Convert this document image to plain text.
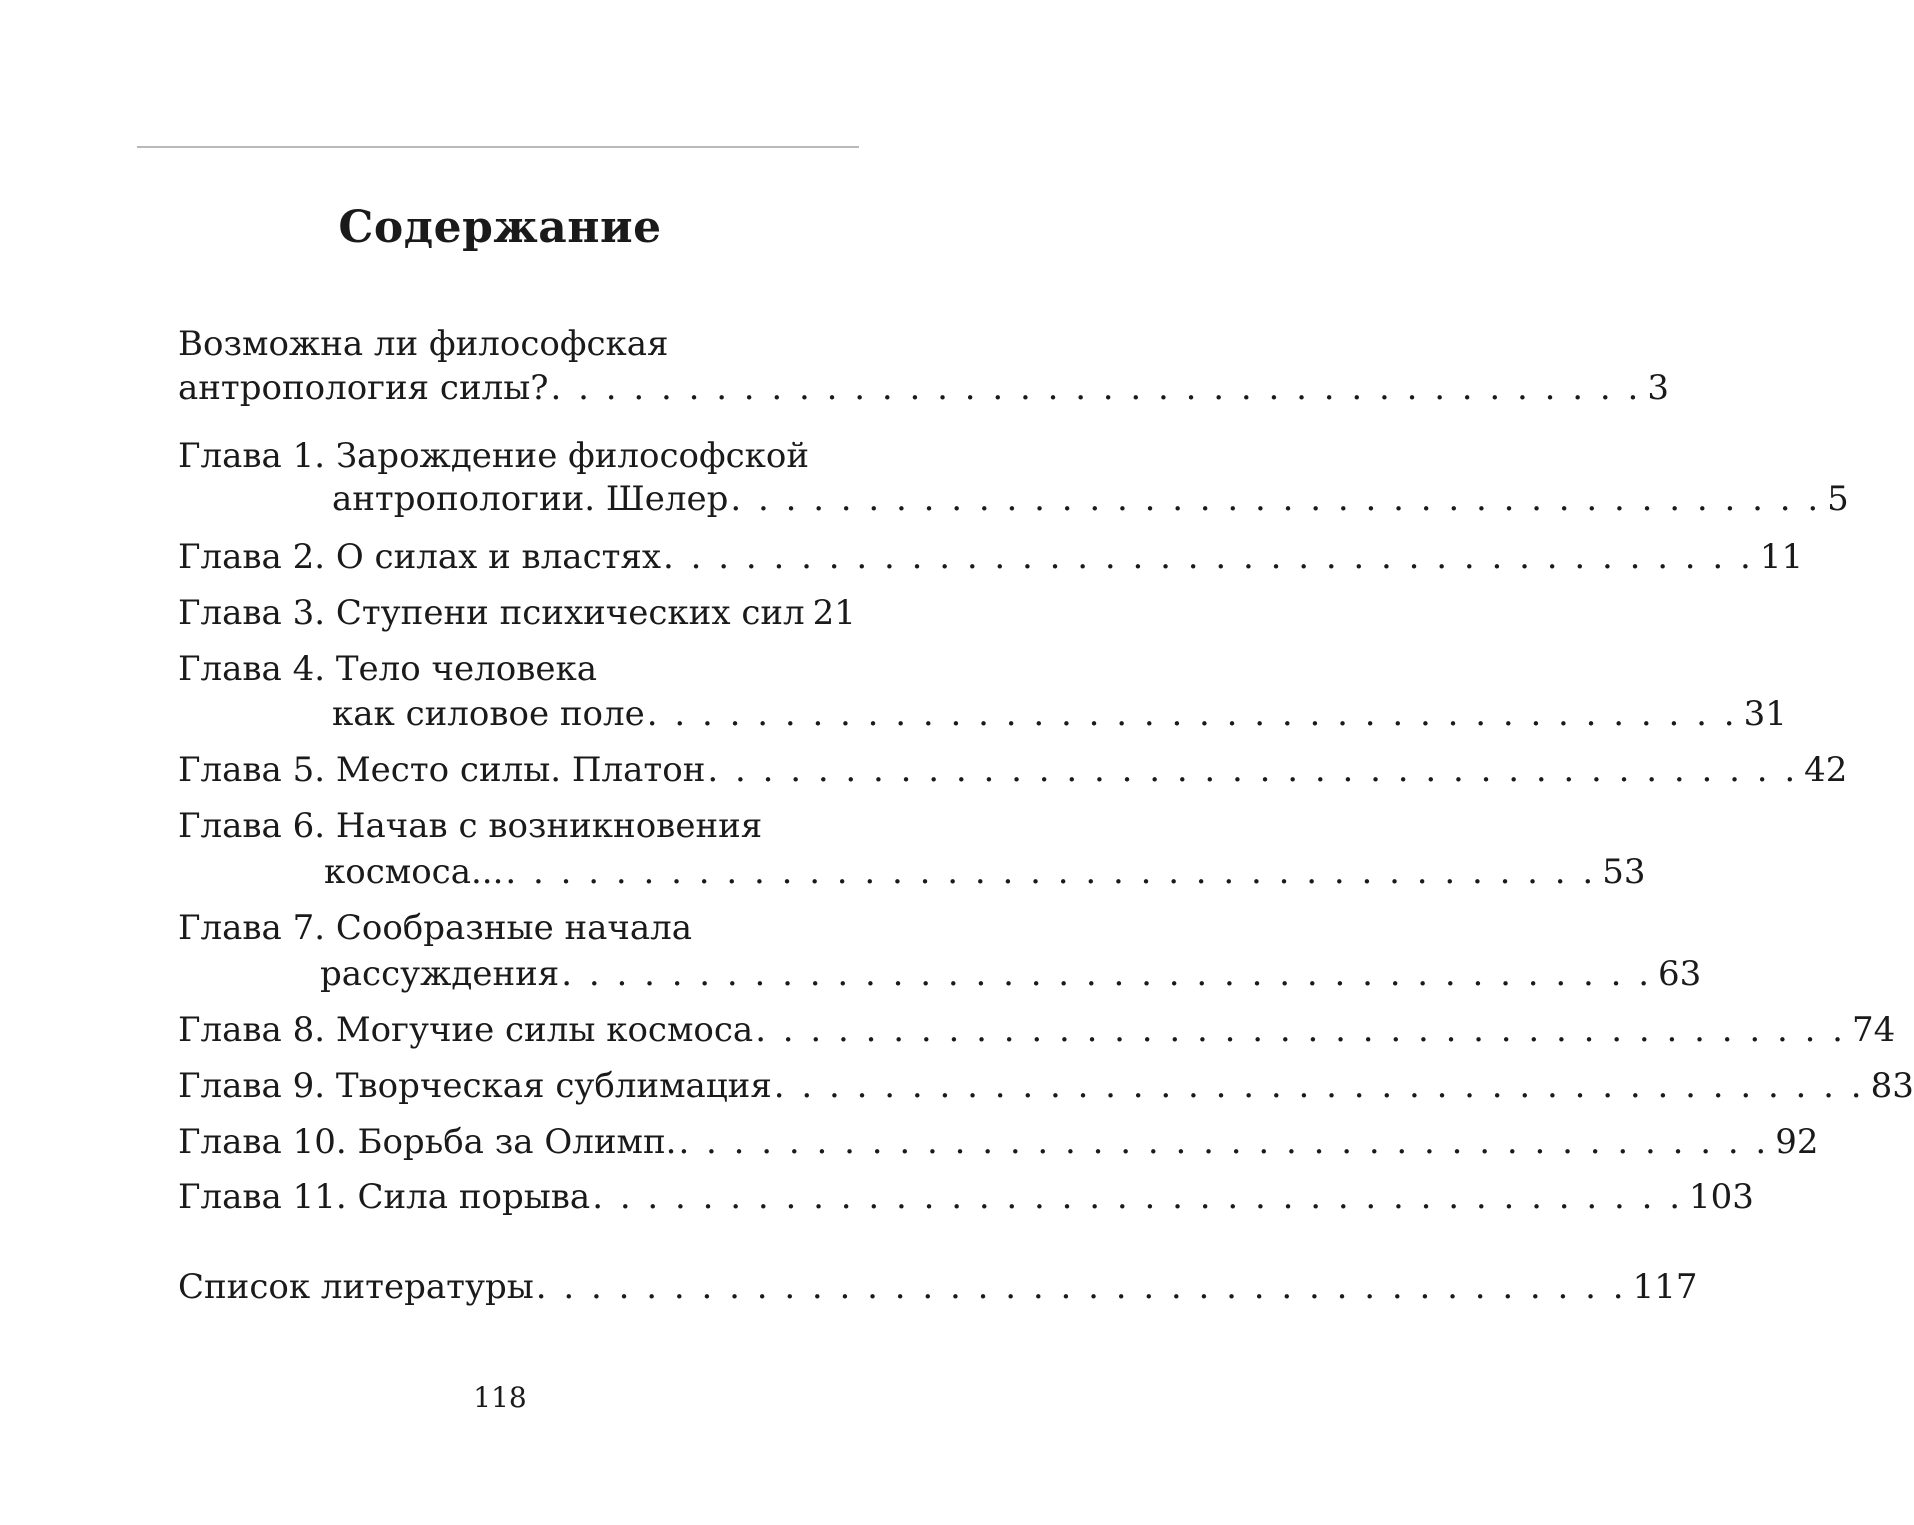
Содержание
Возможна ли философская
антропология силы? . . . . . . . . . . . . . . . . . . . . . . . . . . . . . . . . . . . . . . . . 3
Глава 1. Зарождение философской
антропологии. Шелер . . . . . . . . . . . . . . . . . . . . . . . . . . . . . . . . . . . . . . . . 5
Глава 2. О силах и властях . . . . . . . . . . . . . . . . . . . . . . . . . . . . . . . . . . . . . . . . 11
Глава 3. Ступени психических сил 21
Глава 4. Тело человека
как силовое поле . . . . . . . . . . . . . . . . . . . . . . . . . . . . . . . . . . . . . . . . 31
Глава 5. Место силы. Платон . . . . . . . . . . . . . . . . . . . . . . . . . . . . . . . . . . . . . . . . 42
Глава 6. Начав с возникновения
космоса... . . . . . . . . . . . . . . . . . . . . . . . . . . . . . . . . . . . . . . . . 53
Глава 7. Сообразные начала
рассуждения . . . . . . . . . . . . . . . . . . . . . . . . . . . . . . . . . . . . . . . . 63
Глава 8. Могучие силы космоса . . . . . . . . . . . . . . . . . . . . . . . . . . . . . . . . . . . . . . . . 74
Глава 9. Творческая сублимация . . . . . . . . . . . . . . . . . . . . . . . . . . . . . . . . . . . . . . . . 83
Глава 10. Борьба за Олимп. . . . . . . . . . . . . . . . . . . . . . . . . . . . . . . . . . . . . . . . . 92
Глава 11. Сила порыва . . . . . . . . . . . . . . . . . . . . . . . . . . . . . . . . . . . . . . . . 103
Список литературы . . . . . . . . . . . . . . . . . . . . . . . . . . . . . . . . . . . . . . . . 117
118
